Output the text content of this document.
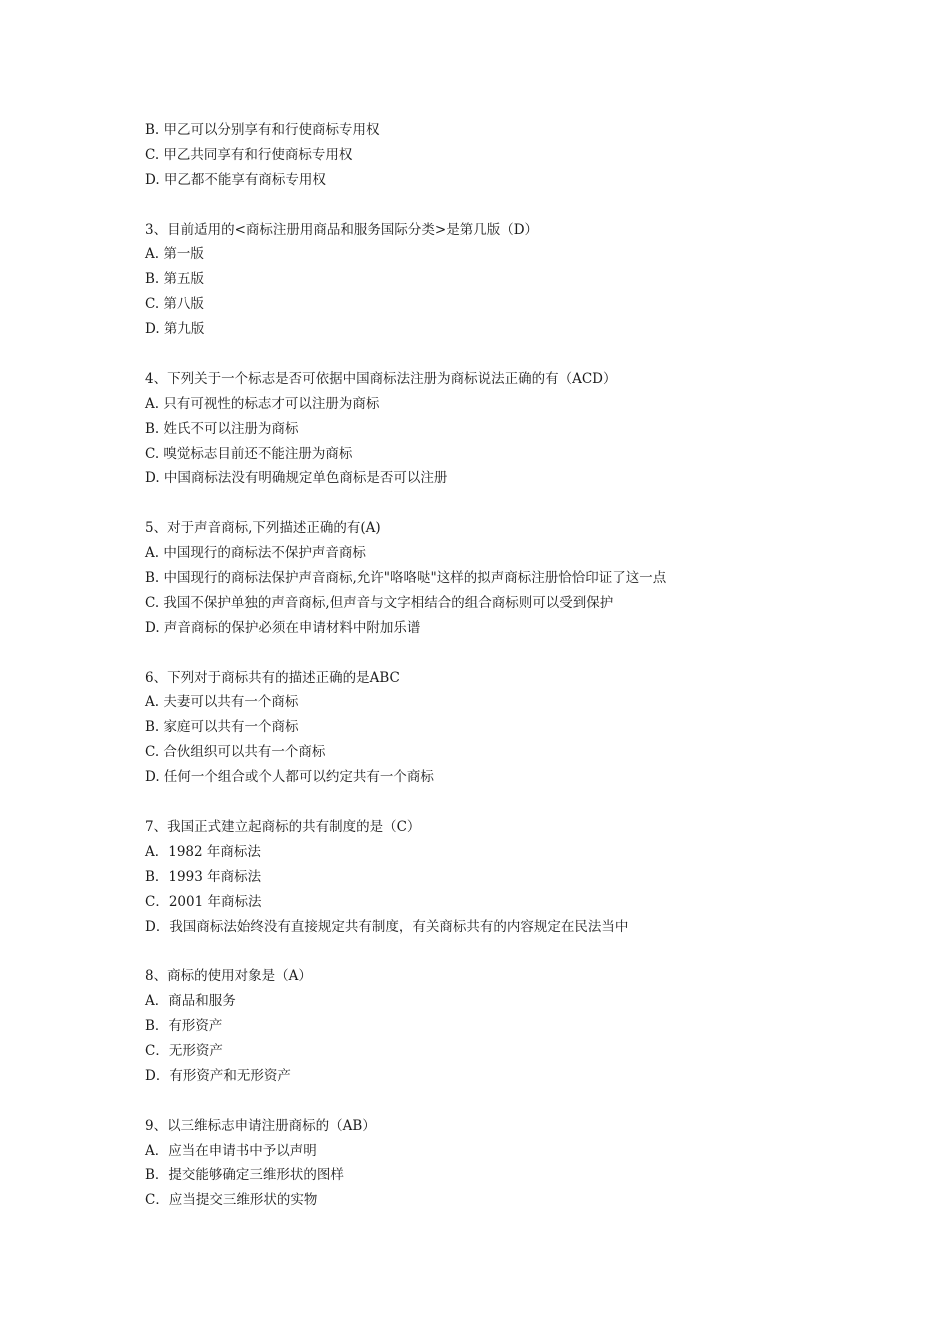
B. 甲乙可以分别享有和行使商标专用权
C. 甲乙共同享有和行使商标专用权
D. 甲乙都不能享有商标专用权
3、目前适用的<商标注册用商品和服务国际分类>是第几版（D）
A. 第一版
B. 第五版
C. 第八版
D. 第九版
4、下列关于一个标志是否可依据中国商标法注册为商标说法正确的有（ACD）
A. 只有可视性的标志才可以注册为商标
B. 姓氏不可以注册为商标
C. 嗅觉标志目前还不能注册为商标
D. 中国商标法没有明确规定单色商标是否可以注册
5、对于声音商标,下列描述正确的有(A)
A. 中国现行的商标法不保护声音商标
B. 中国现行的商标法保护声音商标,允许"咯咯哒"这样的拟声商标注册恰恰印证了这一点
C. 我国不保护单独的声音商标,但声音与文字相结合的组合商标则可以受到保护
D. 声音商标的保护必须在申请材料中附加乐谱
6、下列对于商标共有的描述正确的是ABC
A. 夫妻可以共有一个商标
B. 家庭可以共有一个商标
C. 合伙组织可以共有一个商标
D. 任何一个组合或个人都可以约定共有一个商标
7、我国正式建立起商标的共有制度的是（C）
A．1982 年商标法
B．1993 年商标法
C．2001 年商标法
D．我国商标法始终没有直接规定共有制度，有关商标共有的内容规定在民法当中
8、商标的使用对象是（A）
A．商品和服务
B．有形资产
C．无形资产
D．有形资产和无形资产
9、以三维标志申请注册商标的（AB）
A．应当在申请书中予以声明
B．提交能够确定三维形状的图样
C．应当提交三维形状的实物
